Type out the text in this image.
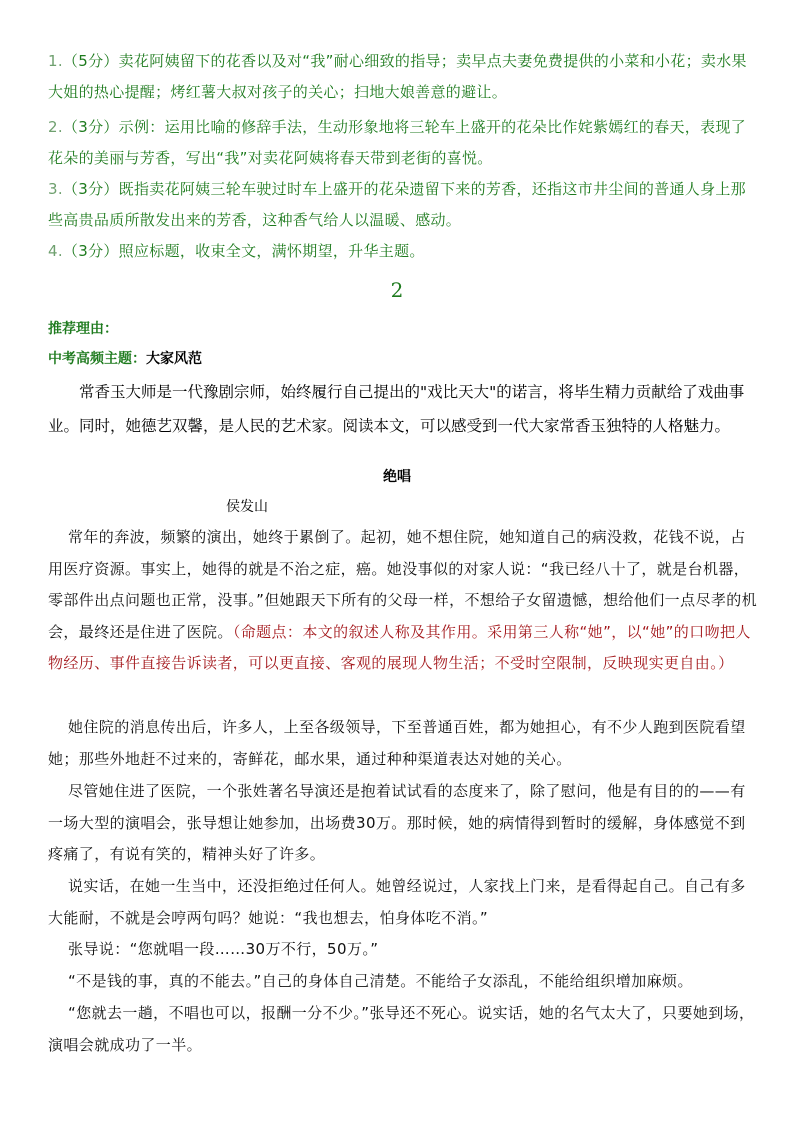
1.（5分）卖花阿姨留下的花香以及对“我”耐心细致的指导；卖早点夫妻免费提供的小菜和小花；卖水果大姐的热心提醒；烤红薯大叔对孩子的关心；扫地大娘善意的避让。
2.（3分）示例：运用比喻的修辞手法，生动形象地将三轮车上盛开的花朵比作姹紫嫣红的春天，表现了花朵的美丽与芳香，写出“我”对卖花阿姨将春天带到老街的喜悦。
3.（3分）既指卖花阿姨三轮车驶过时车上盛开的花朵遗留下来的芳香，还指这市井尘间的普通人身上那些高贵品质所散发出来的芳香，这种香气给人以温暖、感动。
4.（3分）照应标题，收束全文，满怀期望，升华主题。
2
推荐理由：
中考高频主题：大家风范
常香玉大师是一代豫剧宗师，始终履行自己提出的"戏比天大"的诺言，将毕生精力贡献给了戏曲事业。同时，她德艺双馨，是人民的艺术家。阅读本文，可以感受到一代大家常香玉独特的人格魅力。
绝唱
侯发山
常年的奔波，频繁的演出，她终于累倒了。起初，她不想住院，她知道自己的病没救，花钱不说，占用医疗资源。事实上，她得的就是不治之症，癌。她没事似的对家人说：“我已经八十了，就是台机器，零部件出点问题也正常，没事。”但她跟天下所有的父母一样，不想给子女留遗憾，想给他们一点尽孝的机会，最终还是住进了医院。（命题点：本文的叙述人称及其作用。采用第三人称“她”，以“她”的口吻把人物经历、事件直接告诉读者，可以更直接、客观的展现人物生活；不受时空限制，反映现实更自由。）
她住院的消息传出后，许多人，上至各级领导，下至普通百姓，都为她担心，有不少人跑到医院看望她；那些外地赶不过来的，寄鲜花，邮水果，通过种种渠道表达对她的关心。
尽管她住进了医院，一个张姓著名导演还是抱着试试看的态度来了，除了慰问，他是有目的的——有一场大型的演唱会，张导想让她参加，出场费30万。那时候，她的病情得到暂时的缓解，身体感觉不到疼痛了，有说有笑的，精神头好了许多。
说实话，在她一生当中，还没拒绝过任何人。她曾经说过，人家找上门来，是看得起自己。自己有多大能耐，不就是会哼两句吗？她说：“我也想去，怕身体吃不消。”
张导说：“您就唱一段……30万不行，50万。”
“不是钱的事，真的不能去。”自己的身体自己清楚。不能给子女添乱，不能给组织增加麻烦。
“您就去一趟，不唱也可以，报酬一分不少。”张导还不死心。说实话，她的名气太大了，只要她到场，演唱会就成功了一半。
